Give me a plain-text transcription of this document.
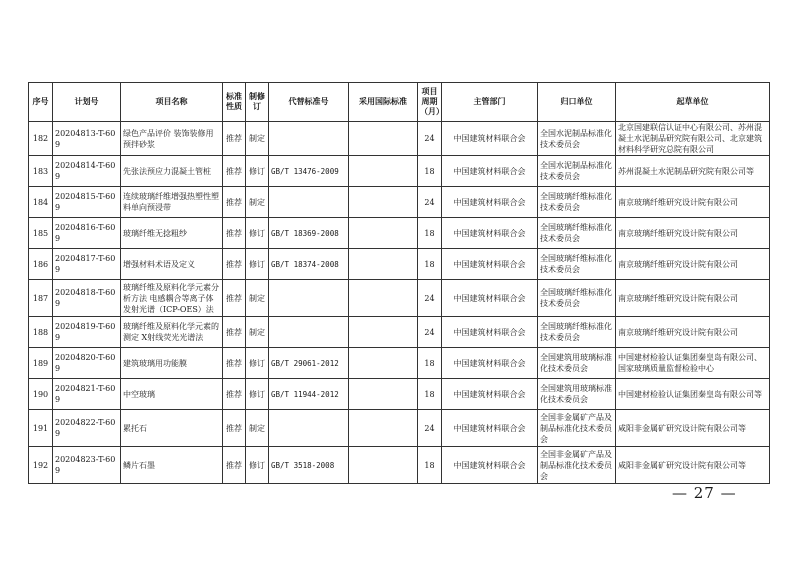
序号	计划号	项目名称	标准性质	制修订	代替标准号	采用国际标准	项目周期（月）	主管部门	归口单位	起草单位
182	20204813-T-609	绿色产品评价 装饰装修用预拌砂浆	推荐	制定			24	中国建筑材料联合会	全国水泥制品标准化技术委员会	北京国建联信认证中心有限公司、苏州混凝土水泥制品研究院有限公司、北京建筑材料科学研究总院有限公司
183	20204814-T-609	先张法预应力混凝土管桩	推荐	修订	GB/T 13476-2009		18	中国建筑材料联合会	全国水泥制品标准化技术委员会	苏州混凝土水泥制品研究院有限公司等
184	20204815-T-609	连续玻璃纤维增强热塑性塑料单向预浸带	推荐	制定			24	中国建筑材料联合会	全国玻璃纤维标准化技术委员会	南京玻璃纤维研究设计院有限公司
185	20204816-T-609	玻璃纤维无捻粗纱	推荐	修订	GB/T 18369-2008		18	中国建筑材料联合会	全国玻璃纤维标准化技术委员会	南京玻璃纤维研究设计院有限公司
186	20204817-T-609	增强材料术语及定义	推荐	修订	GB/T 18374-2008		18	中国建筑材料联合会	全国玻璃纤维标准化技术委员会	南京玻璃纤维研究设计院有限公司
187	20204818-T-609	玻璃纤维及原料化学元素分析方法 电感耦合等离子体发射光谱（ICP-OES）法	推荐	制定			24	中国建筑材料联合会	全国玻璃纤维标准化技术委员会	南京玻璃纤维研究设计院有限公司
188	20204819-T-609	玻璃纤维及原料化学元素的测定 X射线荧光光谱法	推荐	制定			24	中国建筑材料联合会	全国玻璃纤维标准化技术委员会	南京玻璃纤维研究设计院有限公司
189	20204820-T-609	建筑玻璃用功能膜	推荐	修订	GB/T 29061-2012		18	中国建筑材料联合会	全国建筑用玻璃标准化技术委员会	中国建材检验认证集团秦皇岛有限公司、国家玻璃质量监督检验中心
190	20204821-T-609	中空玻璃	推荐	修订	GB/T 11944-2012		18	中国建筑材料联合会	全国建筑用玻璃标准化技术委员会	中国建材检验认证集团秦皇岛有限公司等
191	20204822-T-609	累托石	推荐	制定			24	中国建筑材料联合会	全国非金属矿产品及制品标准化技术委员会	咸阳非金属矿研究设计院有限公司等
192	20204823-T-609	鳞片石墨	推荐	修订	GB/T 3518-2008		18	中国建筑材料联合会	全国非金属矿产品及制品标准化技术委员会	咸阳非金属矿研究设计院有限公司等
— 27 —
